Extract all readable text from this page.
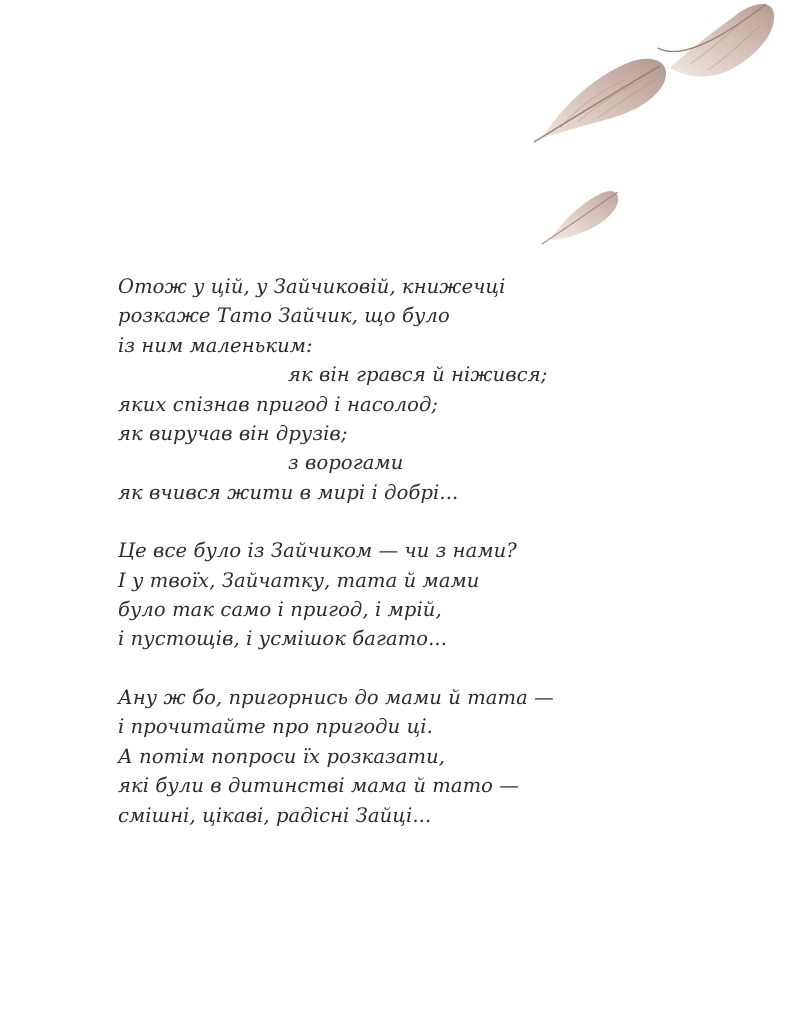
Отож у цій, у Зайчиковій, книжечці
розкаже Тато Зайчик, що було
із ним маленьким:
як він грався й ніжився;
яких спізнав пригод і насолод;
як виручав він друзів;
з ворогами
як вчився жити в мирі і добрі...
Це все було із Зайчиком — чи з нами?
І у твоїх, Зайчатку, тата й мами
було так само і пригод, і мрій,
і пустощів, і усмішок багато...
Ану ж бо, пригорнись до мами й тата —
і прочитайте про пригоди ці.
А потім попроси їх розказати,
які були в дитинстві мама й тато —
смішні, цікаві, радісні Зайці...
